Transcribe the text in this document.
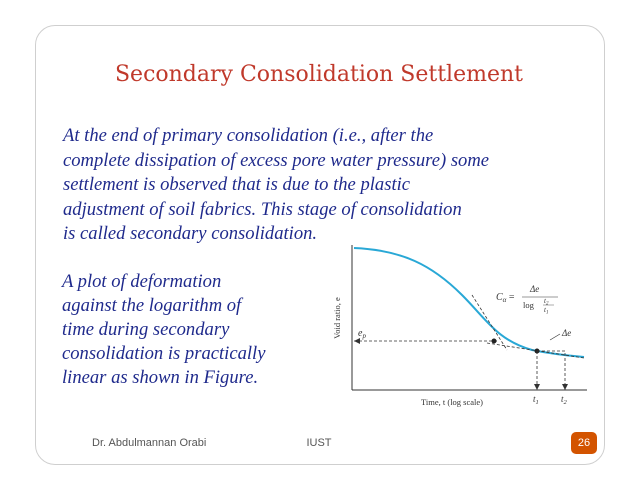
Secondary Consolidation Settlement
At the end of primary consolidation (i.e., after the
complete dissipation of excess pore water pressure) some
settlement is observed that is due to the plastic
adjustment of soil fabrics. This stage of consolidation
is called secondary consolidation.
A plot of deformation
against the logarithm of
time during secondary
consolidation is practically
linear as shown in Figure.
Void ratio, e
Time, t (log scale)
$e_p$
$t_1$ $t_2$
Δe
$C_\alpha$ =
Δe
$\log t_2$
$t_1$
Dr. Abdulmannan Orabi	IUST	26
